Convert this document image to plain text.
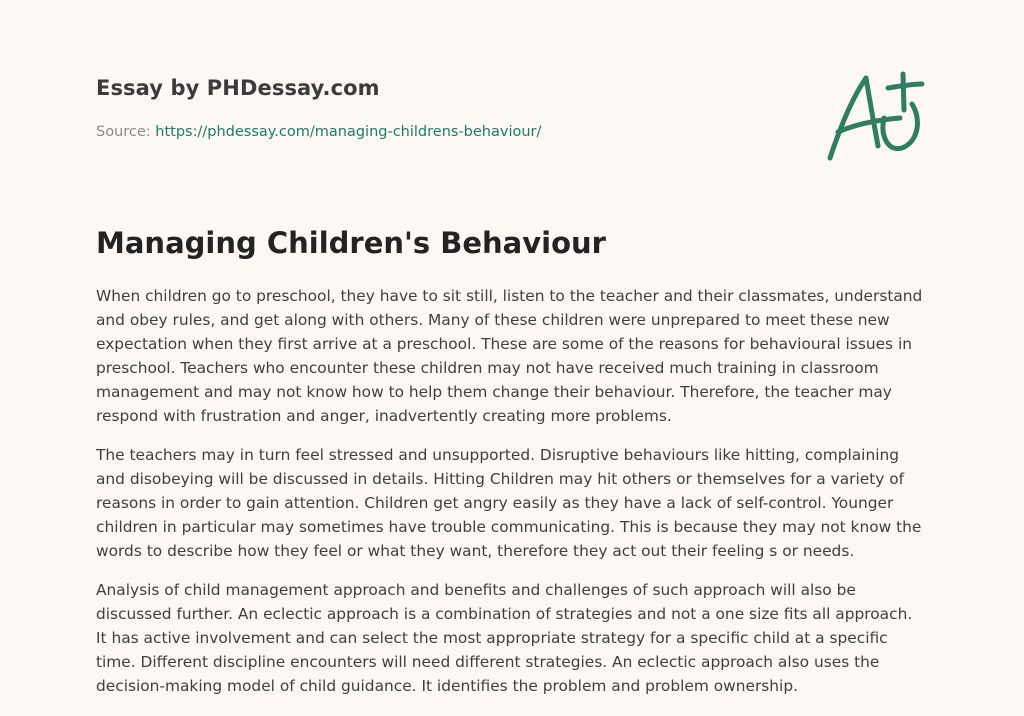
Essay by PHDessay.com
Source: https://phdessay.com/managing-childrens-behaviour/
Managing Children's Behaviour

When children go to preschool, they have to sit still, listen to the teacher and their classmates, understand and obey rules, and get along with others. Many of these children were unprepared to meet these new expectation when they first arrive at a preschool. These are some of the reasons for behavioural issues in preschool. Teachers who encounter these children may not have received much training in classroom management and may not know how to help them change their behaviour. Therefore, the teacher may respond with frustration and anger, inadvertently creating more problems.

The teachers may in turn feel stressed and unsupported. Disruptive behaviours like hitting, complaining and disobeying will be discussed in details. Hitting Children may hit others or themselves for a variety of reasons in order to gain attention. Children get angry easily as they have a lack of self-control. Younger children in particular may sometimes have trouble communicating. This is because they may not know the words to describe how they feel or what they want, therefore they act out their feeling s or needs.

Analysis of child management approach and benefits and challenges of such approach will also be discussed further. An eclectic approach is a combination of strategies and not a one size fits all approach. It has active involvement and can select the most appropriate strategy for a specific child at a specific time. Different discipline encounters will need different strategies. An eclectic approach also uses the decision-making model of child guidance. It identifies the problem and problem ownership.
